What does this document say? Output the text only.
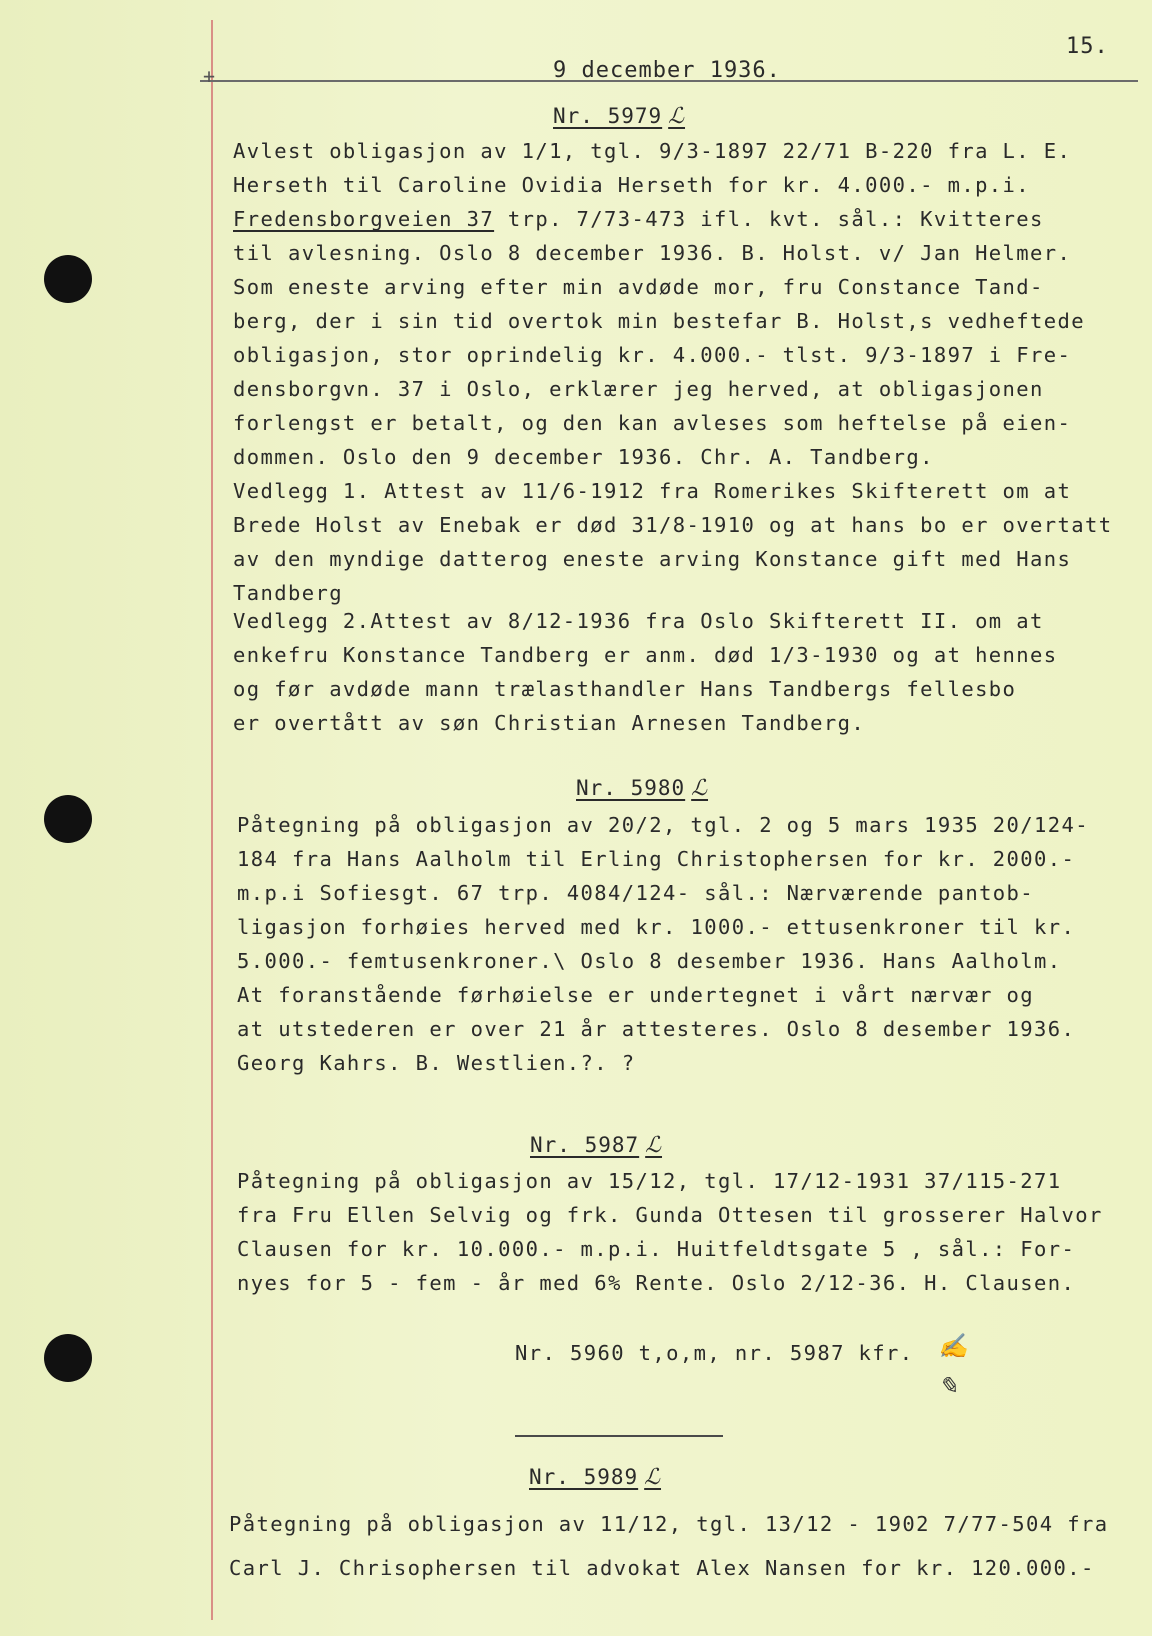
+
15.
9 december 1936.
Nr. 5979 ℒ
Avlest obligasjon av 1/1, tgl. 9/3-1897 22/71 B-220 fra L. E.
Herseth til Caroline Ovidia Herseth for kr. 4.000.- m.p.i.
Fredensborgveien 37 trp. 7/73-473 ifl. kvt. sål.: Kvitteres
til avlesning. Oslo 8 december 1936. B. Holst. v/ Jan Helmer.
Som eneste arving efter min avdøde mor, fru Constance Tand-
berg, der i sin tid overtok min bestefar B. Holst,s vedheftede
obligasjon, stor oprindelig kr. 4.000.- tlst. 9/3-1897 i Fre-
densborgvn. 37 i Oslo, erklærer jeg herved, at obligasjonen
forlengst er betalt, og den kan avleses som heftelse på eien-
dommen. Oslo den 9 december 1936. Chr. A. Tandberg.
Vedlegg 1. Attest av 11/6-1912 fra Romerikes Skifterett om at
Brede Holst av Enebak er død 31/8-1910 og at hans bo er overtatt
av den myndige datterog eneste arving Konstance gift med Hans
Tandberg
Vedlegg 2.Attest av 8/12-1936 fra Oslo Skifterett II. om at
enkefru Konstance Tandberg er anm. død 1/3-1930 og at hennes
og før avdøde mann trælasthandler Hans Tandbergs fellesbo
er overtått av søn Christian Arnesen Tandberg.
Nr. 5980 ℒ
Påtegning på obligasjon av 20/2, tgl. 2 og 5 mars 1935 20/124-
184 fra Hans Aalholm til Erling Christophersen for kr. 2000.-
m.p.i Sofiesgt. 67 trp. 4084/124- sål.: Nærværende pantob-
ligasjon forhøies herved med kr. 1000.- ettusenkroner til kr.
5.000.- femtusenkroner.\ Oslo 8 desember 1936. Hans Aalholm.
At foranstående førhøielse er undertegnet i vårt nærvær og
at utstederen er over 21 år attesteres. Oslo 8 desember 1936.
Georg Kahrs. B. Westlien.?. ?
Nr. 5987 ℒ
Påtegning på obligasjon av 15/12, tgl. 17/12-1931 37/115-271
fra Fru Ellen Selvig og frk. Gunda Ottesen til grosserer Halvor
Clausen for kr. 10.000.- m.p.i. Huitfeldtsgate 5 , sål.: For-
nyes for 5 - fem - år med 6% Rente. Oslo 2/12-36. H. Clausen.
Nr. 5960 t,o,m, nr. 5987 kfr. ✍
✎
Nr. 5989 ℒ
Påtegning på obligasjon av 11/12, tgl. 13/12 - 1902 7/77-504 fra
Carl J. Chrisophersen til advokat Alex Nansen for kr. 120.000.-
